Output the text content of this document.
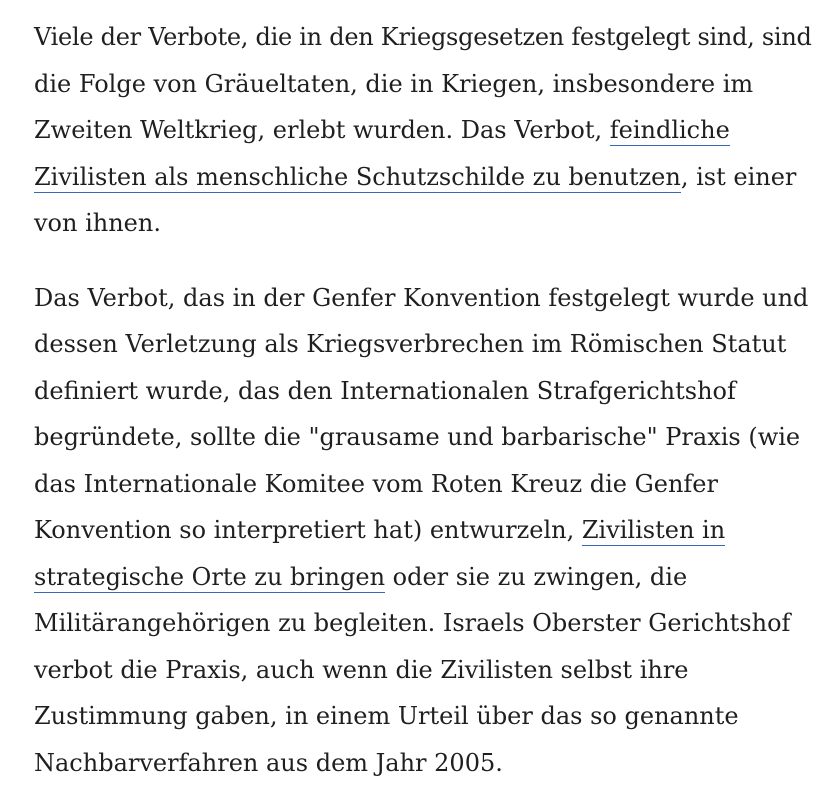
Viele der Verbote, die in den Kriegsgesetzen festgelegt sind, sind
die Folge von Gräueltaten, die in Kriegen, insbesondere im
Zweiten Weltkrieg, erlebt wurden. Das Verbot, feindliche
Zivilisten als menschliche Schutzschilde zu benutzen, ist einer
von ihnen.

Das Verbot, das in der Genfer Konvention festgelegt wurde und
dessen Verletzung als Kriegsverbrechen im Römischen Statut
definiert wurde, das den Internationalen Strafgerichtshof
begründete, sollte die "grausame und barbarische" Praxis (wie
das Internationale Komitee vom Roten Kreuz die Genfer
Konvention so interpretiert hat) entwurzeln, Zivilisten in
strategische Orte zu bringen oder sie zu zwingen, die
Militärangehörigen zu begleiten. Israels Oberster Gerichtshof
verbot die Praxis, auch wenn die Zivilisten selbst ihre
Zustimmung gaben, in einem Urteil über das so genannte
Nachbarverfahren aus dem Jahr 2005.
